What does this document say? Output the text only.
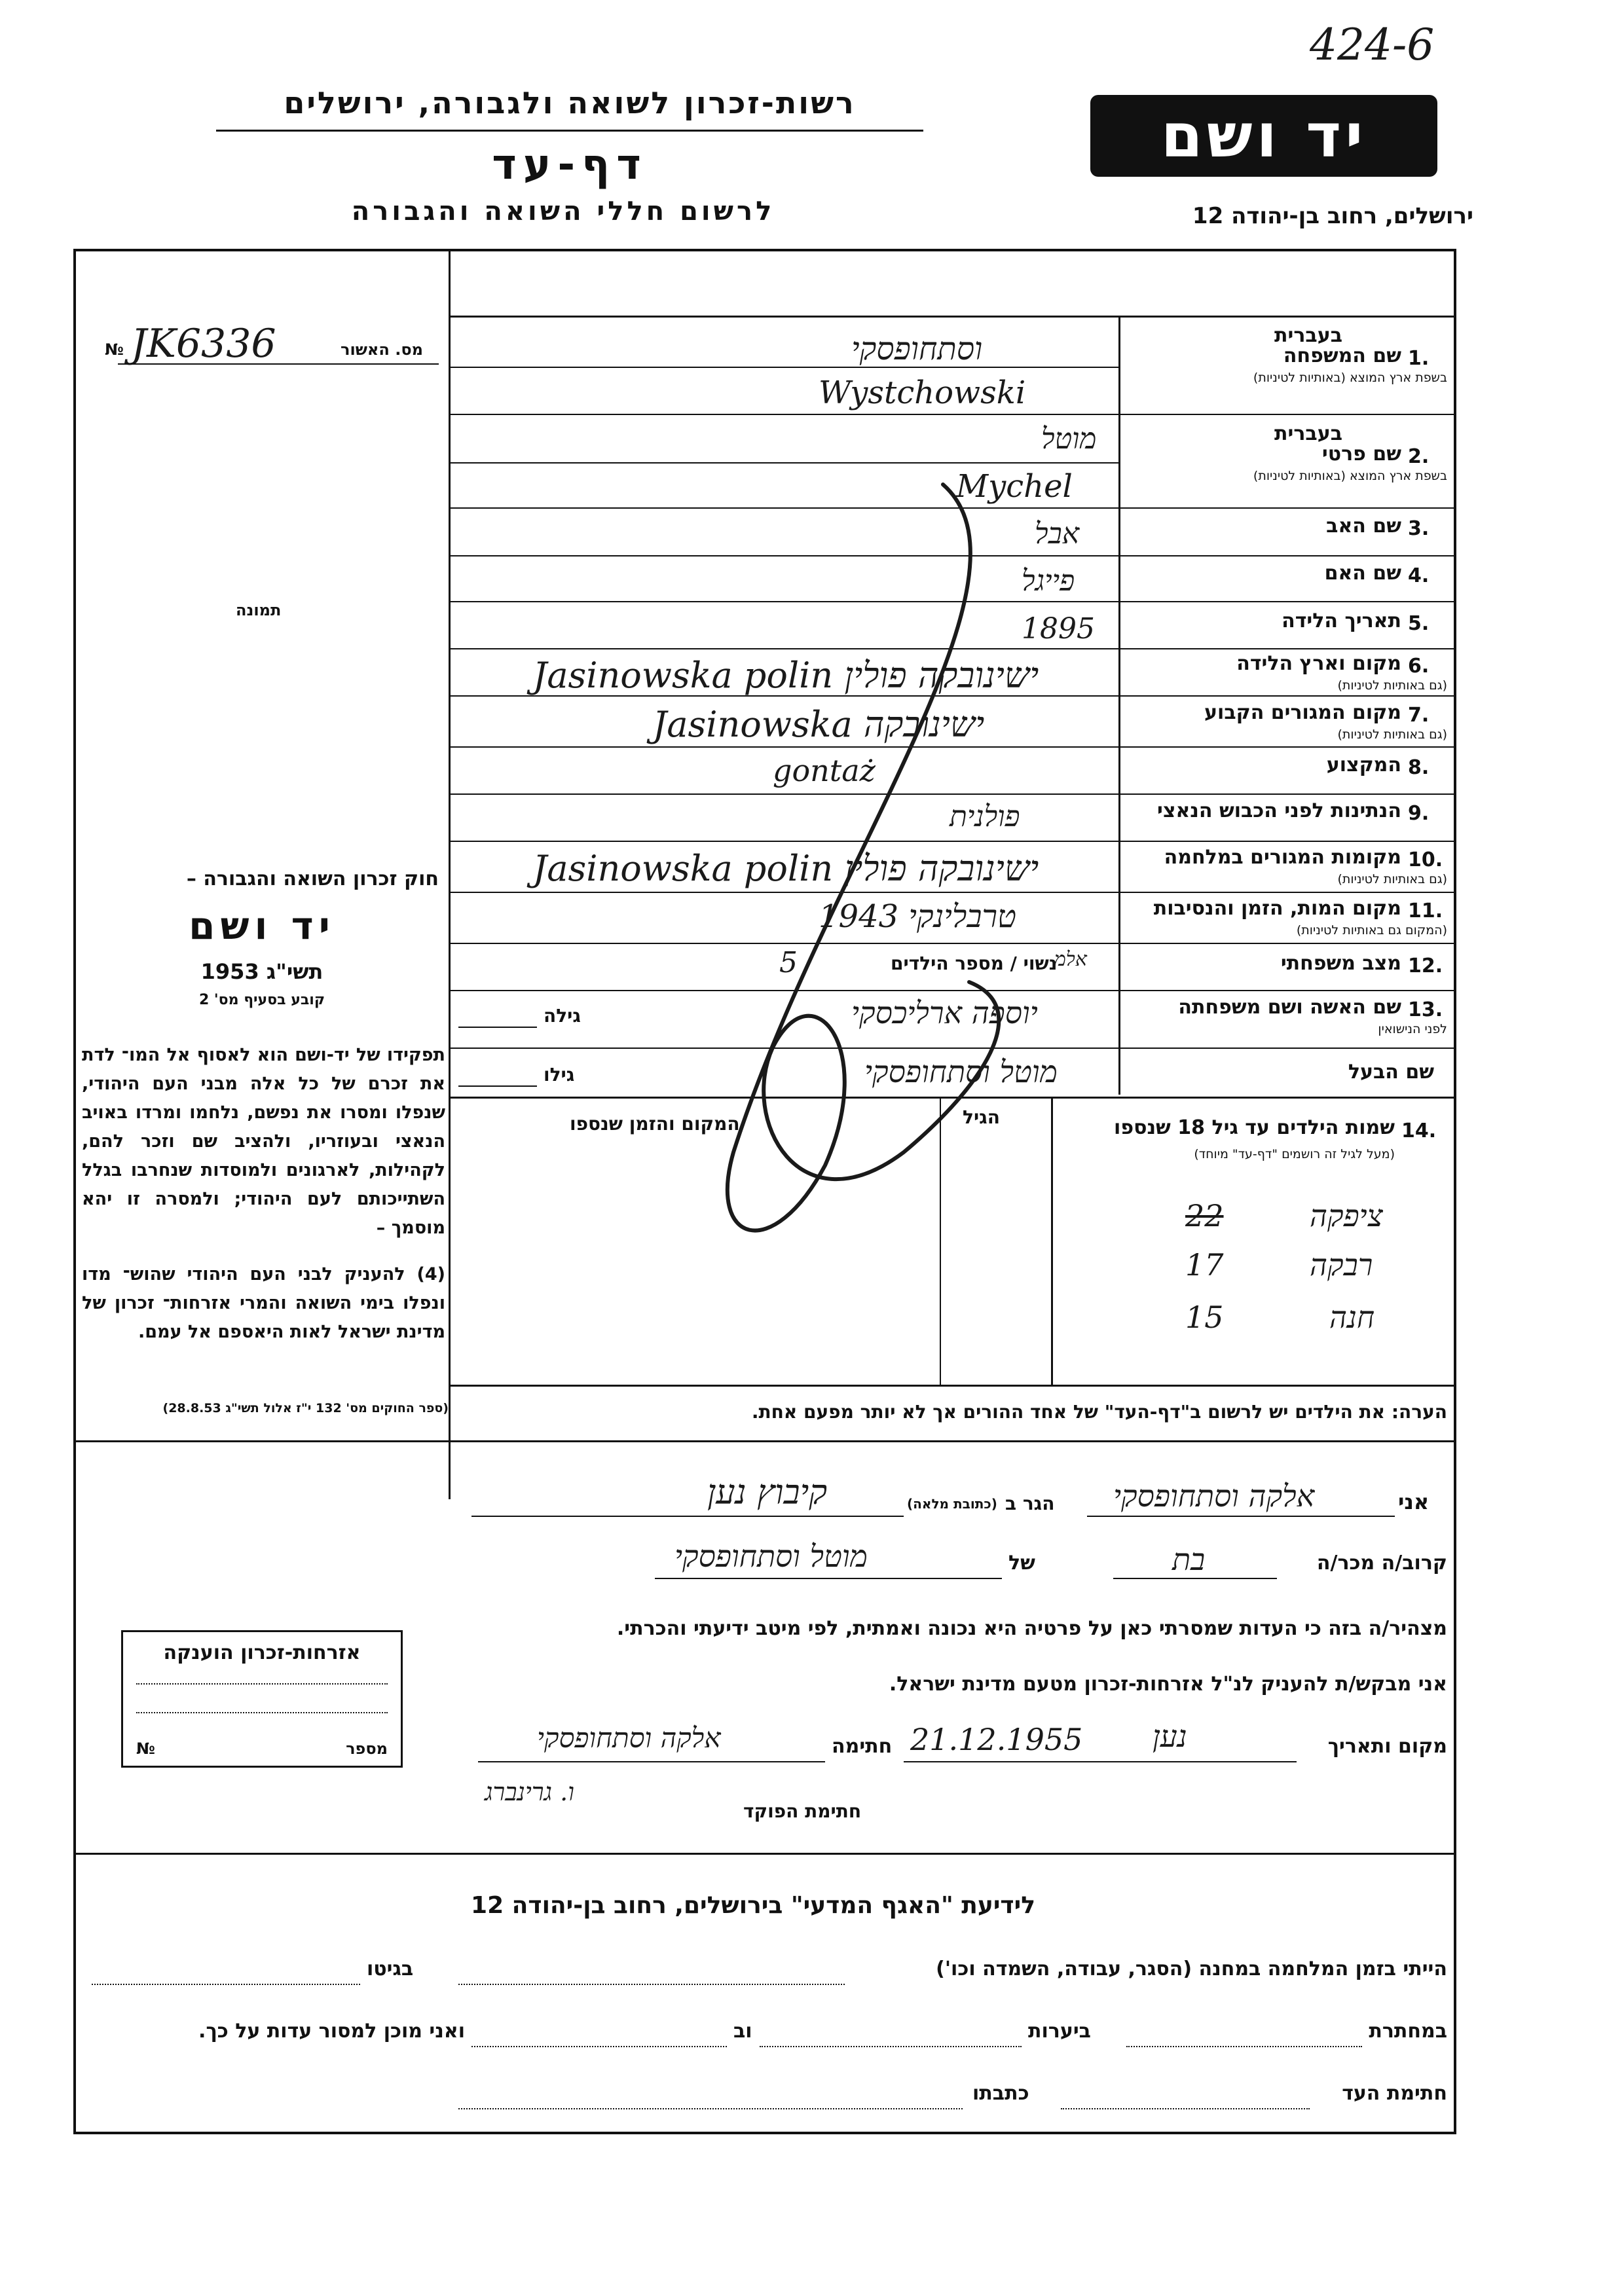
רשות-זכרון לשואה ולגבורה, ירושלים
דף-עד
לרשום חללי השואה והגבורה
יד ושם
ירושלים, רחוב בן-יהודה 12
424-6
מס. האשור
№ JK6336
תמונה
בעברית
בעברית
1.
שם המשפחה
בשפת ארץ המוצא (באותיות לטיניות)
2.
שם פרטי
בשפת ארץ המוצא (באותיות לטיניות)
3.
שם האב
4.
שם האם
5.
תאריך הלידה
6.
מקום וארץ הלידה
(גם באותיות לטיניות)
7.
מקום המגורים הקבוע
(גם באותיות לטיניות)
8.
המקצוע
9.
הנתינות לפני הכבוש הנאצי
10.
מקומות המגורים במלחמה
(גם באותיות לטיניות)
11.
מקום המות, הזמן והנסיבות
(המקום גם באותיות לטיניות)
12.
מצב משפחתי
13.
שם האשה ושם משפחתה
לפני הנישואין
וסתחופסקי
Wystchowski
מוטל
Mychel
אבל
פייגל
1895
Jasinowska polin ישינובקה פולין
Jasinowska ישינובקה
gontaż
פולנית
Jasinowska polin ישינובקה פולין
טרבלינקי 1943
נשוי / מספר הילדים
אלמ
5
יוספה ארליכסקי
גילה
מוטל וסתחופסקי	שם הבעל
גילו
14.
שמות הילדים עד גיל 18 שנספו
(מעל לגיל זה רושמים "דף-עד" מיוחד)
הגיל
המקום והזמן שנספו
ציפקה
22
רבקה
17
חנה
15
חוק זכרון השואה והגבורה –
יד ושם
תשי"ג 1953
קובע בסעיף מס' 2
תפקידו של יד-ושם הוא לאסוף אל המו־ לדת את זכרם של כל אלה מבני העם היהודי, שנפלו ומסרו את נפשם, נלחמו ומרדו באויב הנאצי ובעוזריו, ולהציב שם וזכר להם, לקהילות, לארגונים ולמוסדות שנחרבו בגלל השתייכותם לעם היהודי; ולמסרה זו יהא מוסמך –
(4) להעניק לבני העם היהודי שהוש־ מדו ונפלו בימי השואה והמרי אזרחות־ זכרון של מדינת ישראל לאות היאספם אל עמם.
(ספר החוקים מס' 132 י"ז אלול תשי"ג 28.8.53)	הערה: את הילדים יש לרשום ב"דף-העד" של אחד ההורים אך לא יותר מפעם אחת.
אני
אלקה וסתחופסקי
הגר ב
(כתובת מלאה)
קיבוץ נען
קרוב/ה מכר/ה
בת
של
מוטל וסתחופסקי
מצהיר/ה בזה כי העדות שמסרתי כאן על פרטיה היא נכונה ואמתית, לפי מיטב ידיעתי והכרתי.
אני מבקש/ת להעניק לנ"ל אזרחות-זכרון מטעם מדינת ישראל.
מקום ותאריך
נען
21.12.1955
חתימה
אלקה וסתחופסקי
חתימת הפוקד
ו. גרינברג
אזרחות-זכרון הוענקה
מספר
№
לידיעת "האגף המדעי" בירושלים, רחוב בן-יהודה 12
הייתי בזמן המלחמה במחנה (הסגר, עבודה, השמדה וכו')
בגיטו
במחתרת
ביערות
וב
ואני מוכן למסור עדות על כך.
חתימת העד
כתבתו
